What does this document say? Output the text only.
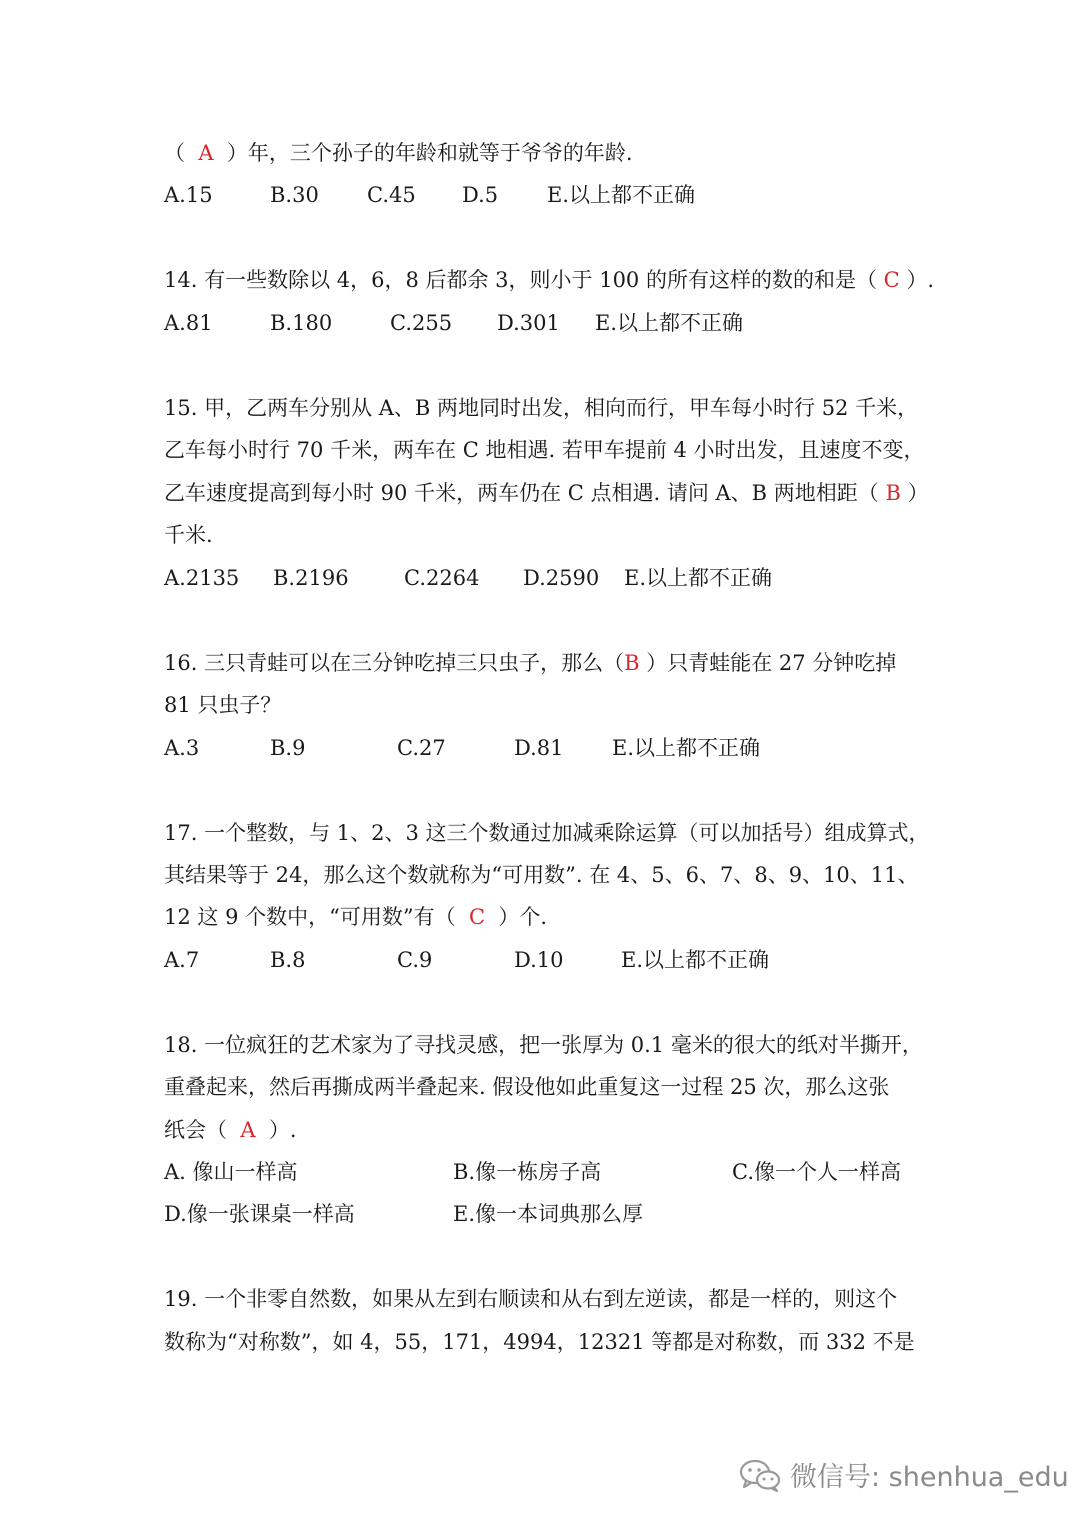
（ A ）年，三个孙子的年龄和就等于爷爷的年龄.
A.15	B.30 C.45 D.5 E.以上都不正确
14. 有一些数除以 4，6，8 后都余 3，则小于 100 的所有这样的数的和是（ C ）.
A.81	B.180	C.255 D.301 E.以上都不正确
15. 甲，乙两车分别从 A、B 两地同时出发，相向而行，甲车每小时行 52 千米，
乙车每小时行 70 千米，两车在 C 地相遇. 若甲车提前 4 小时出发，且速度不变，
乙车速度提高到每小时 90 千米，两车仍在 C 点相遇. 请问 A、B 两地相距（ B ）
千米.
A.2135 B.2196	C.2264 D.2590 E.以上都不正确
16. 三只青蛙可以在三分钟吃掉三只虫子，那么（B ）只青蛙能在 27 分钟吃掉
81 只虫子？
A.3	B.9	C.27	D.81 E.以上都不正确
17. 一个整数，与 1、2、3 这三个数通过加减乘除运算（可以加括号）组成算式，
其结果等于 24，那么这个数就称为“可用数”. 在 4、5、6、7、8、9、10、11、
12 这 9 个数中，“可用数”有（ C ）个.
A.7	B.8	C.9	D.10	E.以上都不正确
18. 一位疯狂的艺术家为了寻找灵感，把一张厚为 0.1 毫米的很大的纸对半撕开，
重叠起来，然后再撕成两半叠起来. 假设他如此重复这一过程 25 次，那么这张
纸会（ A ）.
A. 像山一样高	B.像一栋房子高	C.像一个人一样高
D.像一张课桌一样高	E.像一本词典那么厚
19. 一个非零自然数，如果从左到右顺读和从右到左逆读，都是一样的，则这个
数称为“对称数”，如 4，55，171，4994，12321 等都是对称数，而 332 不是
微信号: shenhua_edu
